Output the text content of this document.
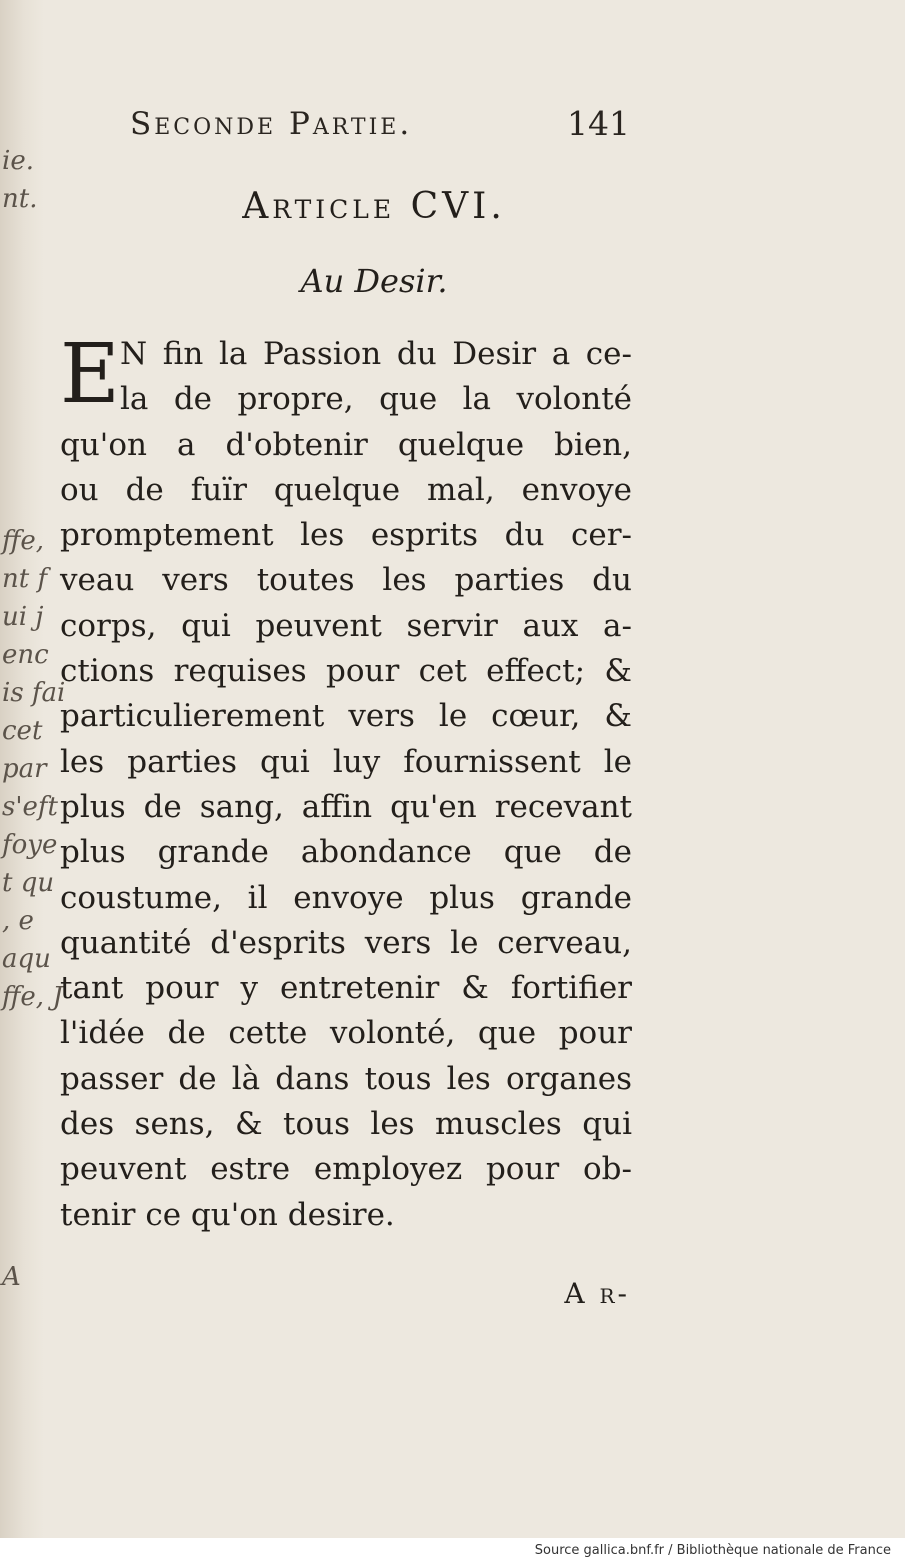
ie.
nt.
ffe,
nt f
ui j
enc
is fai
cet
par
s'eft
foye
t qu
, e
aqu
ffe, J
A
Seconde Partie.	141
Article CVI.
Au Desir.
E N fin la Passion du Desir a ce-
la de propre, que la volonté
qu'on a d'obtenir quelque bien,
ou de fuïr quelque mal, envoye
promptement les esprits du cer-
veau vers toutes les parties du
corps, qui peuvent servir aux a-
ctions requises pour cet effect; &
particulierement vers le cœur, &
les parties qui luy fournissent le
plus de sang, affin qu'en recevant
plus grande abondance que de
coustume, il envoye plus grande
quantité d'esprits vers le cerveau,
tant pour y entretenir & fortifier
l'idée de cette volonté, que pour
passer de là dans tous les organes
des sens, & tous les muscles qui
peuvent estre employez pour ob-
tenir ce qu'on desire.
A r-
Source gallica.bnf.fr / Bibliothèque nationale de France
